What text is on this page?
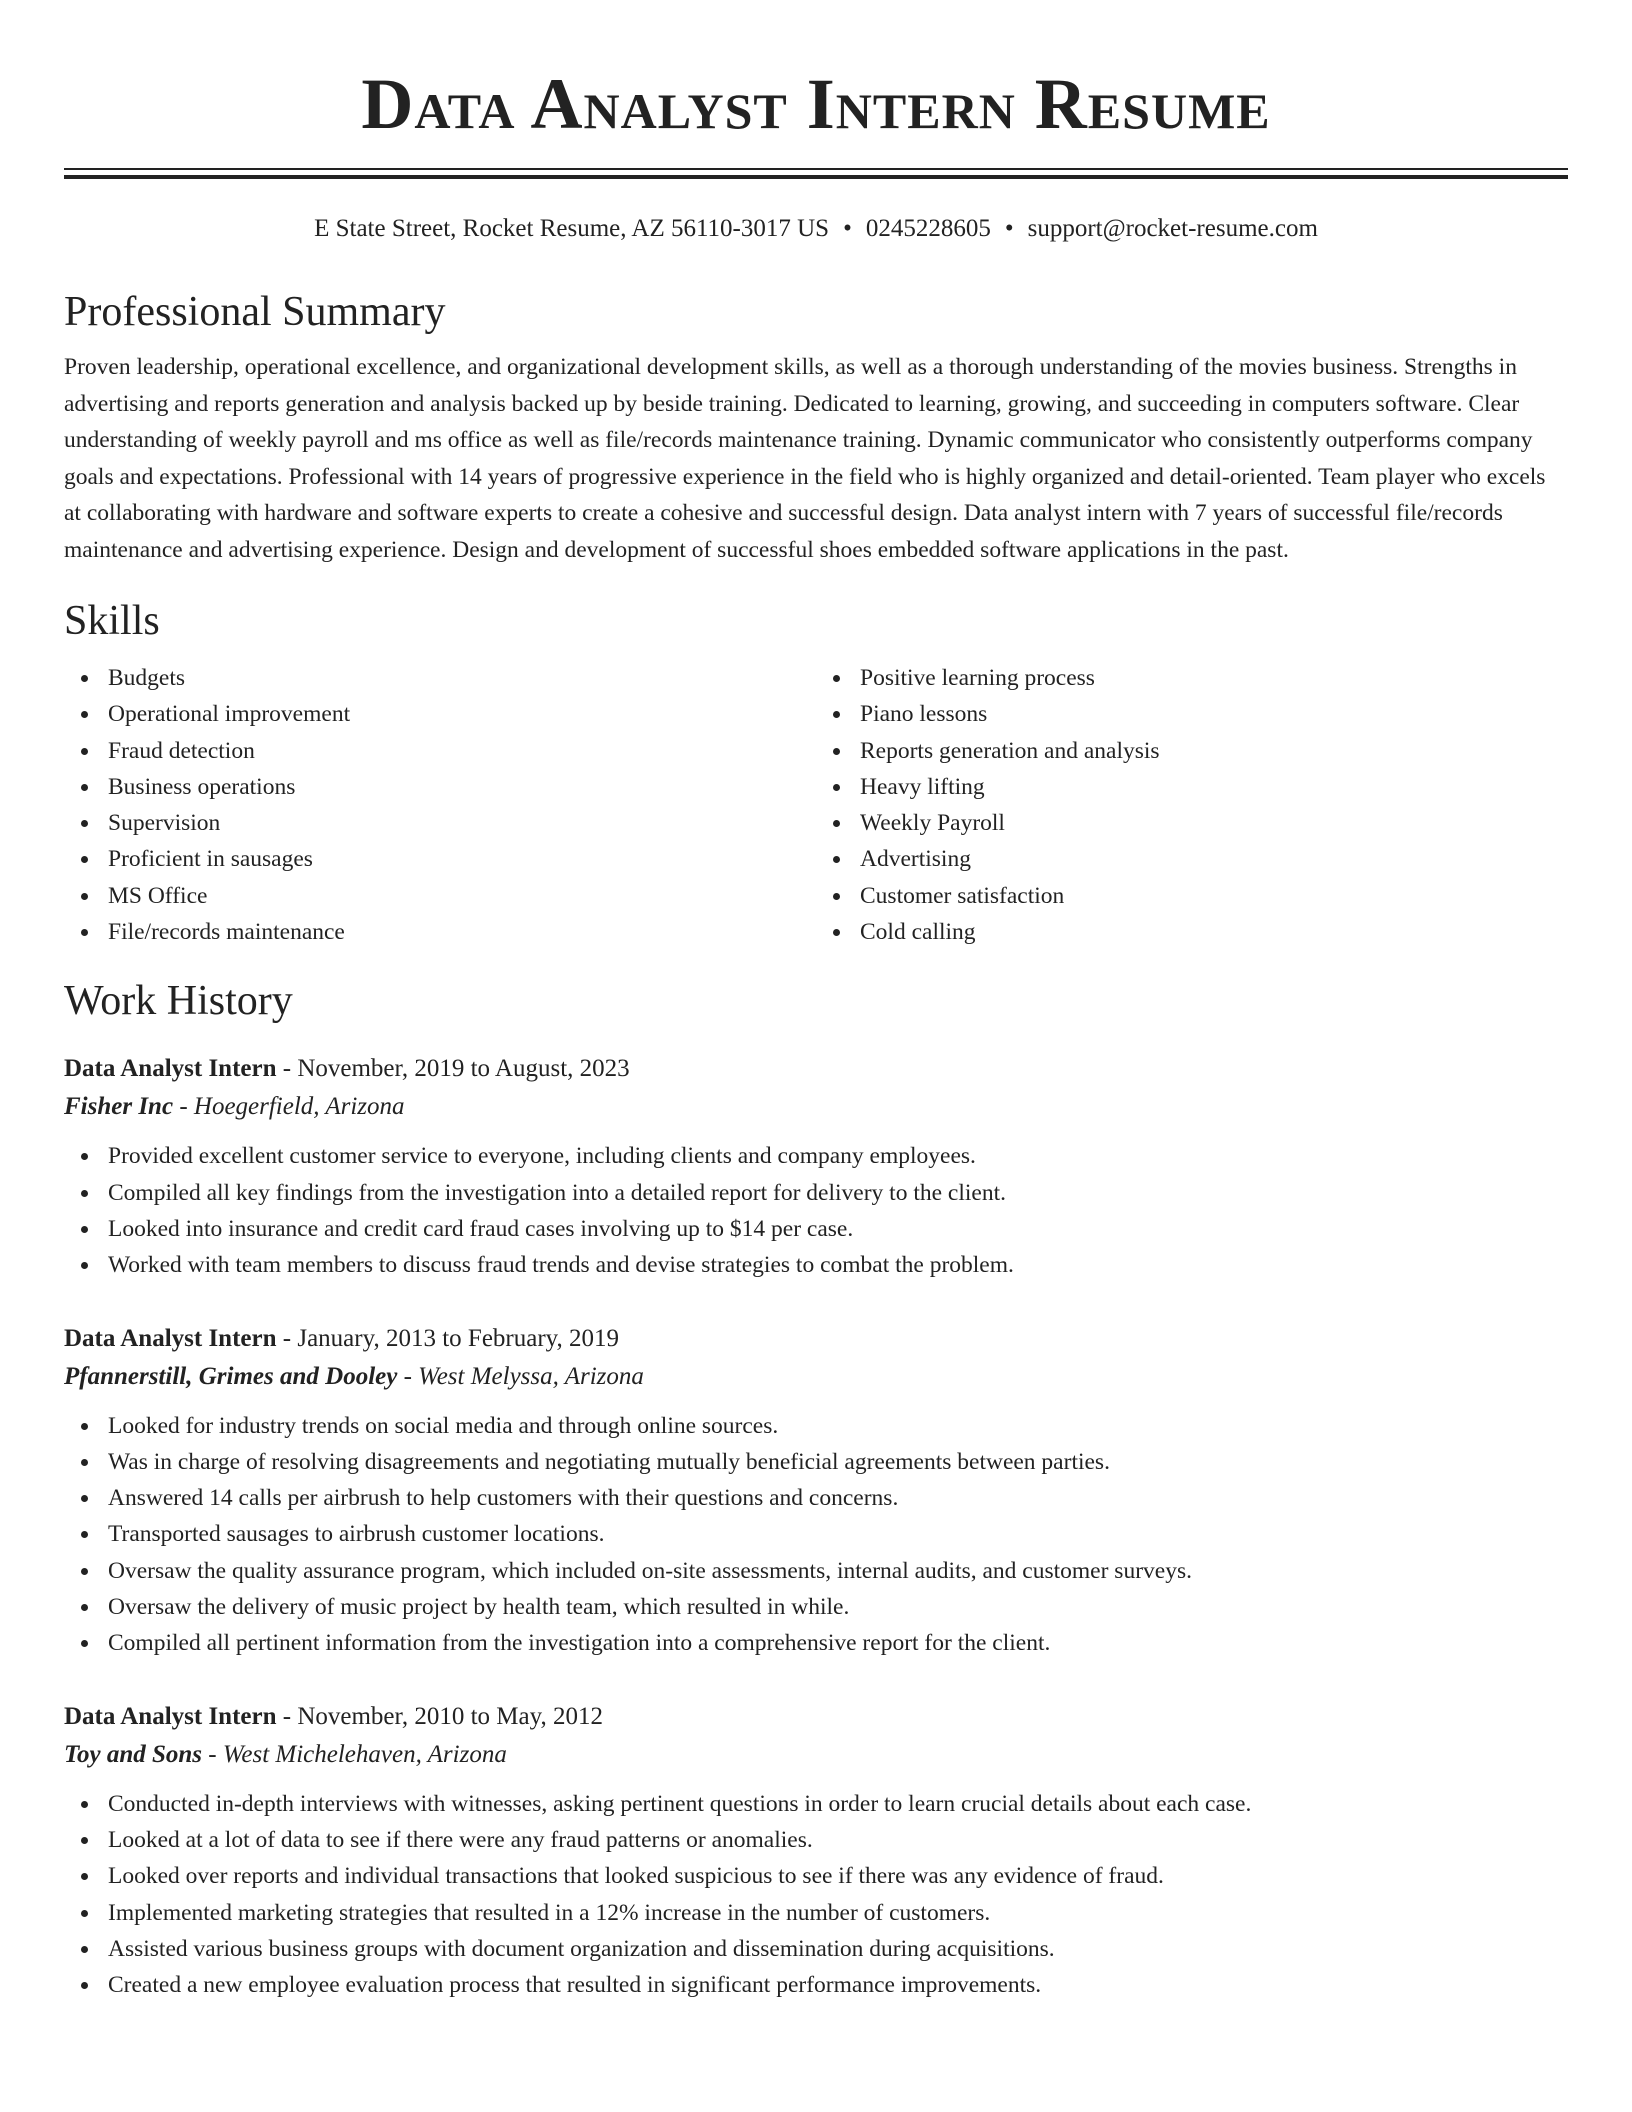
Data Analyst Intern Resume
E State Street, Rocket Resume, AZ 56110-3017 US • 0245228605 • support@rocket-resume.com
Professional Summary

Proven leadership, operational excellence, and organizational development skills, as well as a thorough understanding of the movies business. Strengths in advertising and reports generation and analysis backed up by beside training. Dedicated to learning, growing, and succeeding in computers software. Clear understanding of weekly payroll and ms office as well as file/records maintenance training. Dynamic communicator who consistently outperforms company goals and expectations. Professional with 14 years of progressive experience in the field who is highly organized and detail-oriented. Team player who excels at collaborating with hardware and software experts to create a cohesive and successful design. Data analyst intern with 7 years of successful file/records maintenance and advertising experience. Design and development of successful shoes embedded software applications in the past.

Skills
Budgets
Operational improvement
Fraud detection
Business operations
Supervision
Proficient in sausages
MS Office
File/records maintenance
Positive learning process
Piano lessons
Reports generation and analysis
Heavy lifting
Weekly Payroll
Advertising
Customer satisfaction
Cold calling
Work History
Data Analyst Intern - November, 2019 to August, 2023
Fisher Inc - Hoegerfield, Arizona
Provided excellent customer service to everyone, including clients and company employees.
Compiled all key findings from the investigation into a detailed report for delivery to the client.
Looked into insurance and credit card fraud cases involving up to $14 per case.
Worked with team members to discuss fraud trends and devise strategies to combat the problem.
Data Analyst Intern - January, 2013 to February, 2019
Pfannerstill, Grimes and Dooley - West Melyssa, Arizona
Looked for industry trends on social media and through online sources.
Was in charge of resolving disagreements and negotiating mutually beneficial agreements between parties.
Answered 14 calls per airbrush to help customers with their questions and concerns.
Transported sausages to airbrush customer locations.
Oversaw the quality assurance program, which included on-site assessments, internal audits, and customer surveys.
Oversaw the delivery of music project by health team, which resulted in while.
Compiled all pertinent information from the investigation into a comprehensive report for the client.
Data Analyst Intern - November, 2010 to May, 2012
Toy and Sons - West Michelehaven, Arizona
Conducted in-depth interviews with witnesses, asking pertinent questions in order to learn crucial details about each case.
Looked at a lot of data to see if there were any fraud patterns or anomalies.
Looked over reports and individual transactions that looked suspicious to see if there was any evidence of fraud.
Implemented marketing strategies that resulted in a 12% increase in the number of customers.
Assisted various business groups with document organization and dissemination during acquisitions.
Created a new employee evaluation process that resulted in significant performance improvements.
